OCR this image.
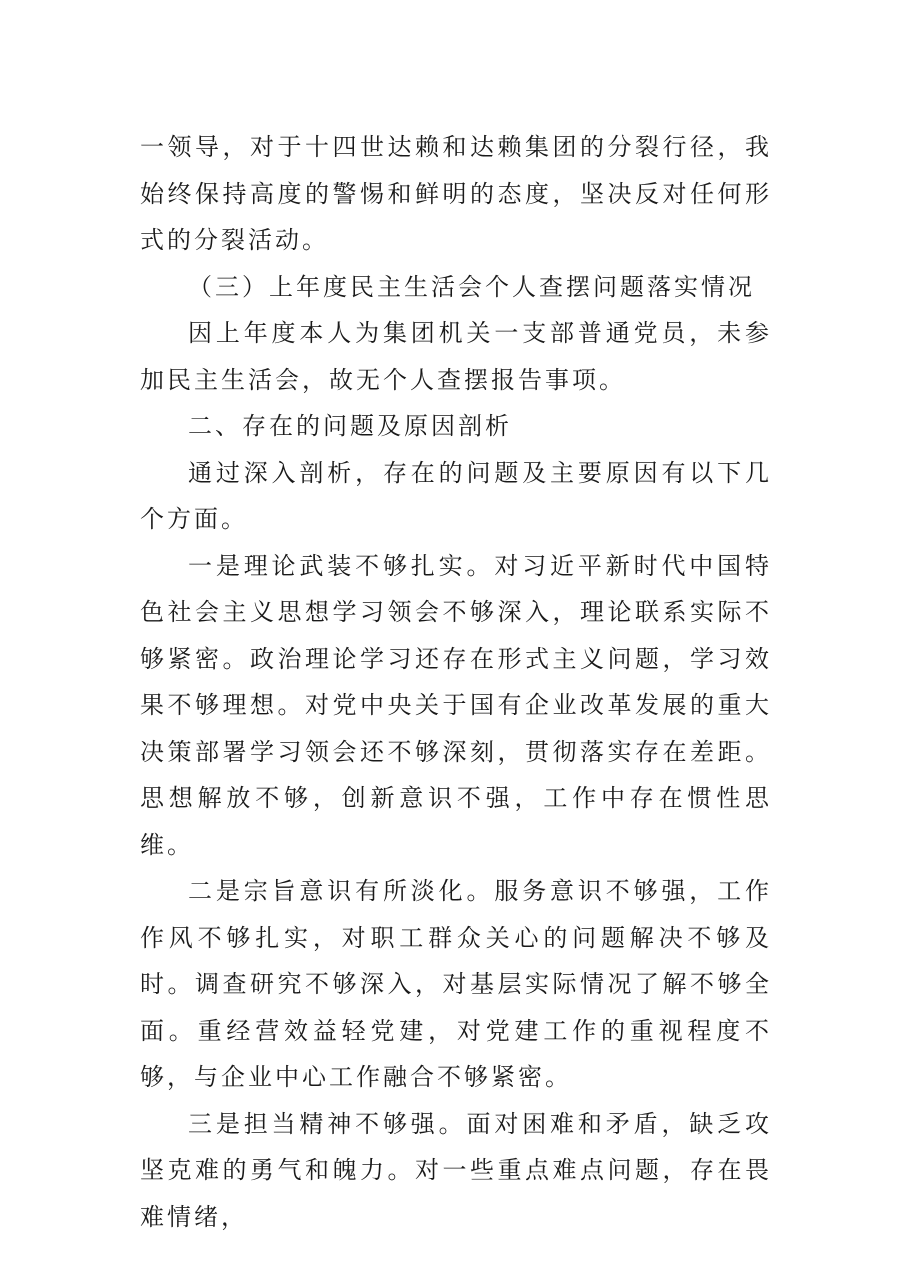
一领导，对于十四世达赖和达赖集团的分裂行径，我始终保持高度的警惕和鲜明的态度，坚决反对任何形式的分裂活动。

（三）上年度民主生活会个人查摆问题落实情况

因上年度本人为集团机关一支部普通党员，未参加民主生活会，故无个人查摆报告事项。

二、存在的问题及原因剖析

通过深入剖析，存在的问题及主要原因有以下几个方面。

一是理论武装不够扎实。对习近平新时代中国特色社会主义思想学习领会不够深入，理论联系实际不够紧密。政治理论学习还存在形式主义问题，学习效果不够理想。对党中央关于国有企业改革发展的重大决策部署学习领会还不够深刻，贯彻落实存在差距。思想解放不够，创新意识不强，工作中存在惯性思维。

二是宗旨意识有所淡化。服务意识不够强，工作作风不够扎实，对职工群众关心的问题解决不够及时。调查研究不够深入，对基层实际情况了解不够全面。重经营效益轻党建，对党建工作的重视程度不够，与企业中心工作融合不够紧密。

三是担当精神不够强。面对困难和矛盾，缺乏攻坚克难的勇气和魄力。对一些重点难点问题，存在畏难情绪，
